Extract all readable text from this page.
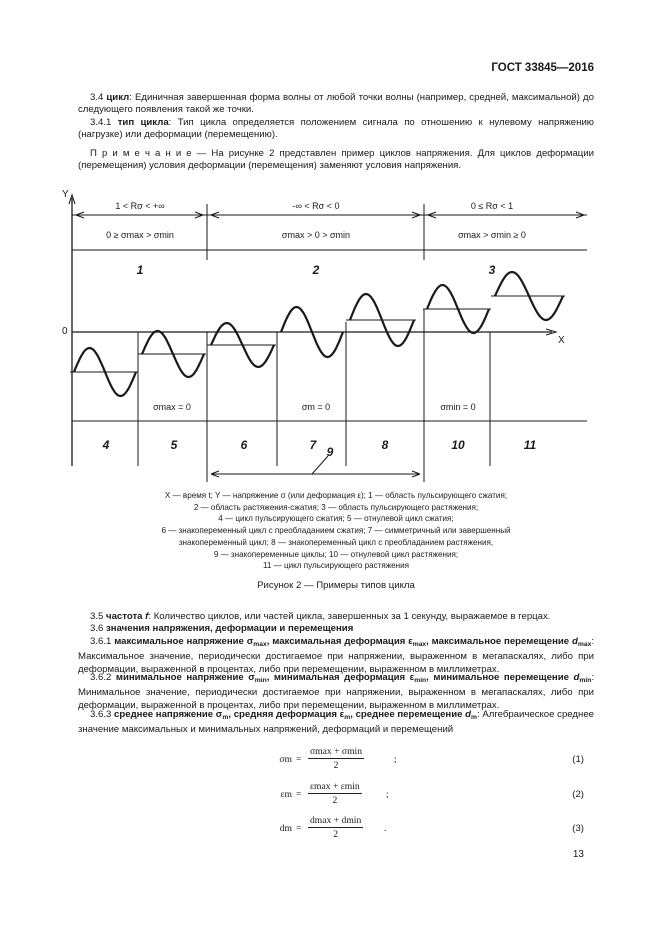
ГОСТ 33845—2016

3.4 цикл: Единичная завершенная форма волны от любой точки волны (например, средней, максимальной) до следующего появления такой же точки.

3.4.1 тип цикла: Тип цикла определяется положением сигнала по отношению к нулевому напряжению (нагрузке) или деформации (перемещению).

П р и м е ч а н и е — На рисунке 2 представлен пример циклов напряжения. Для циклов деформации (перемещения) условия деформации (перемещения) заменяют условия напряжения.

Y
X
0
1 < Rσ < +∞	-∞ < Rσ < 0	0 ≤ Rσ < 1
0 ≥ σmax > σmin	σmax > 0 > σmin	σmax > σmin ≥ 0
1	2	3
σmax = 0	σm = 0	σmin = 0
4	5	6	7	8	10	11
9
X — время t; Y — напряжение σ (или деформация ε); 1 — область пульсирующего сжатия;
2 — область растяжения-сжатия; 3 — область пульсирующего растяжения;
4 — цикл пульсирующего сжатия; 5 — отнулевой цикл сжатия;
6 — знакопеременный цикл с преобладанием сжатия; 7 — симметричный или завершенный
знакопеременный цикл; 8 — знакопеременный цикл с преобладанием растяжения,
9 — знакопеременные циклы; 10 — отнулевой цикл растяжения;
11 — цикл пульсирующего растяжения
Рисунок 2 — Примеры типов цикла

3.5 частота f: Количество циклов, или частей цикла, завершенных за 1 секунду, выражаемое в герцах.

3.6 значения напряжения, деформации и перемещения

3.6.1 максимальное напряжение $\sigma_{max}$, максимальная деформация $\varepsilon_{max}$, максимальное перемещение $d_{max}$: Максимальное значение, периодически достигаемое при напряжении, выраженном в мегапаскалях, либо при деформации, выраженной в процентах, либо при перемещении, выраженном в миллиметрах.

3.6.2 минимальное напряжение $\sigma_{min}$, минимальная деформация $\varepsilon_{min}$, минимальное перемещение $d_{min}$: Минимальное значение, периодически достигаемое при напряжении, выраженном в мегапаскалях, либо при деформации, выраженной в процентах, либо при перемещении, выраженном в миллиметрах.

3.6.3 среднее напряжение $\sigma_m$, средняя деформация $\varepsilon_m$, среднее перемещение $d_m$: Алгебраическое среднее значение максимальных и минимальных напряжений, деформаций и перемещений

σm =
σmax + σmin
2
;	(1)
εm =
εmax + εmin
2
;	(2)
dm =
dmax + dmin
2
.	(3)
13
